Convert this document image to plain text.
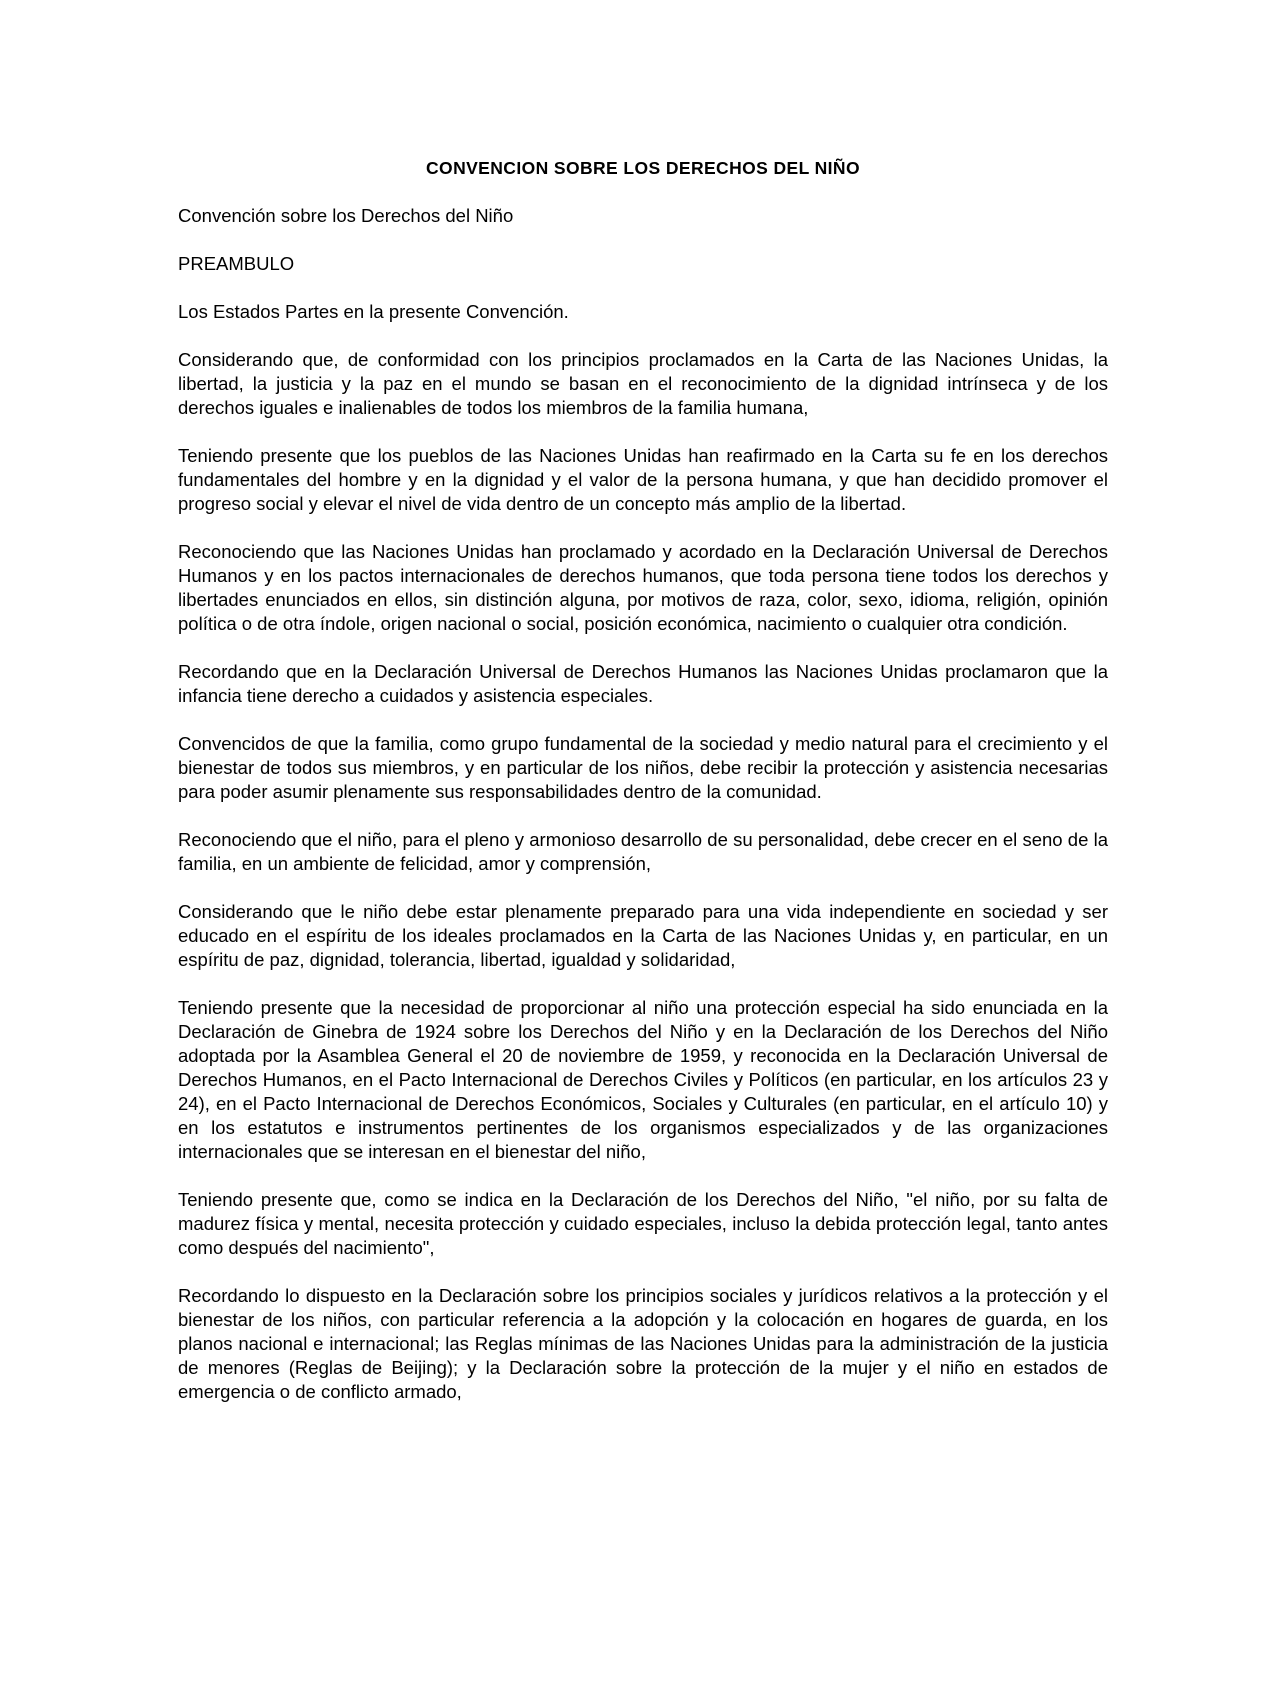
CONVENCION SOBRE LOS DERECHOS DEL NIÑO
Convención sobre los Derechos del Niño
PREAMBULO

Los Estados Partes en la presente Convención.

Considerando que, de conformidad con los principios proclamados en la Carta de las Naciones Unidas, la libertad, la justicia y la paz en el mundo se basan en el reconocimiento de la dignidad intrínseca y de los derechos iguales e inalienables de todos los miembros de la familia humana,

Teniendo presente que los pueblos de las Naciones Unidas han reafirmado en la Carta su fe en los derechos fundamentales del hombre y en la dignidad y el valor de la persona humana, y que han decidido promover el progreso social y elevar el nivel de vida dentro de un concepto más amplio de la libertad.

Reconociendo que las Naciones Unidas han proclamado y acordado en la Declaración Universal de Derechos Humanos y en los pactos internacionales de derechos humanos, que toda persona tiene todos los derechos y libertades enunciados en ellos, sin distinción alguna, por motivos de raza, color, sexo, idioma, religión, opinión política o de otra índole, origen nacional o social, posición económica, nacimiento o cualquier otra condición.

Recordando que en la Declaración Universal de Derechos Humanos las Naciones Unidas proclamaron que la infancia tiene derecho a cuidados y asistencia especiales.

Convencidos de que la familia, como grupo fundamental de la sociedad y medio natural para el crecimiento y el bienestar de todos sus miembros, y en particular de los niños, debe recibir la protección y asistencia necesarias para poder asumir plenamente sus responsabilidades dentro de la comunidad.

Reconociendo que el niño, para el pleno y armonioso desarrollo de su personalidad, debe crecer en el seno de la familia, en un ambiente de felicidad, amor y comprensión,

Considerando que le niño debe estar plenamente preparado para una vida independiente en sociedad y ser educado en el espíritu de los ideales proclamados en la Carta de las Naciones Unidas y, en particular, en un espíritu de paz, dignidad, tolerancia, libertad, igualdad y solidaridad,

Teniendo presente que la necesidad de proporcionar al niño una protección especial ha sido enunciada en la Declaración de Ginebra de 1924 sobre los Derechos del Niño y en la Declaración de los Derechos del Niño adoptada por la Asamblea General el 20 de noviembre de 1959, y reconocida en la Declaración Universal de Derechos Humanos, en el Pacto Internacional de Derechos Civiles y Políticos (en particular, en los artículos 23 y 24), en el Pacto Internacional de Derechos Económicos, Sociales y Culturales (en particular, en el artículo 10) y en los estatutos e instrumentos pertinentes de los organismos especializados y de las organizaciones internacionales que se interesan en el bienestar del niño,

Teniendo presente que, como se indica en la Declaración de los Derechos del Niño, "el niño, por su falta de madurez física y mental, necesita protección y cuidado especiales, incluso la debida protección legal, tanto antes como después del nacimiento",

Recordando lo dispuesto en la Declaración sobre los principios sociales y jurídicos relativos a la protección y el bienestar de los niños, con particular referencia a la adopción y la colocación en hogares de guarda, en los planos nacional e internacional; las Reglas mínimas de las Naciones Unidas para la administración de la justicia de menores (Reglas de Beijing); y la Declaración sobre la protección de la mujer y el niño en estados de emergencia o de conflicto armado,
